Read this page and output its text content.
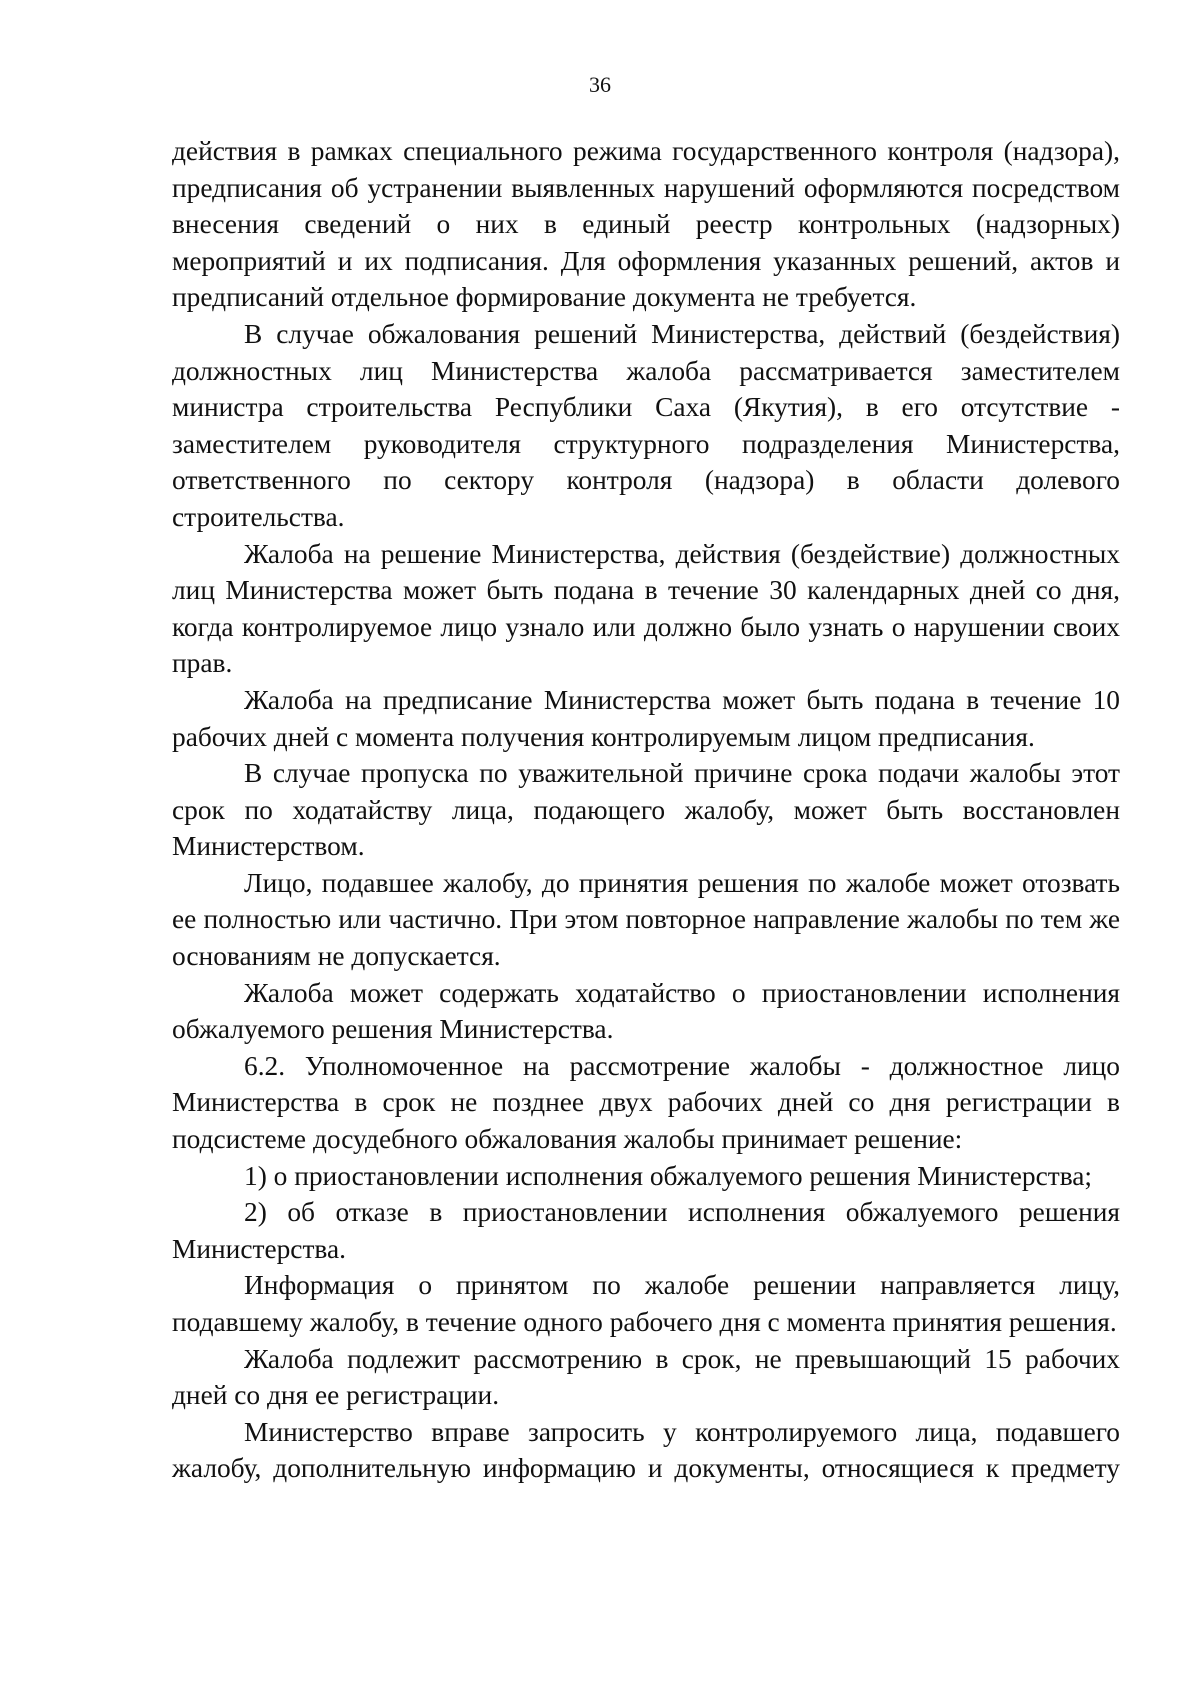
36

действия в рамках специального режима государственного контроля (надзора), предписания об устранении выявленных нарушений оформляются посредством внесения сведений о них в единый реестр контрольных (надзорных) мероприятий и их подписания. Для оформления указанных решений, актов и предписаний отдельное формирование документа не требуется.

В случае обжалования решений Министерства, действий (бездействия) должностных лиц Министерства жалоба рассматривается заместителем министра строительства Республики Саха (Якутия), в его отсутствие - заместителем руководителя структурного подразделения Министерства, ответственного по сектору контроля (надзора) в области долевого строительства.

Жалоба на решение Министерства, действия (бездействие) должностных лиц Министерства может быть подана в течение 30 календарных дней со дня, когда контролируемое лицо узнало или должно было узнать о нарушении своих прав.

Жалоба на предписание Министерства может быть подана в течение 10 рабочих дней с момента получения контролируемым лицом предписания.

В случае пропуска по уважительной причине срока подачи жалобы этот срок по ходатайству лица, подающего жалобу, может быть восстановлен Министерством.

Лицо, подавшее жалобу, до принятия решения по жалобе может отозвать ее полностью или частично. При этом повторное направление жалобы по тем же основаниям не допускается.

Жалоба может содержать ходатайство о приостановлении исполнения обжалуемого решения Министерства.

6.2. Уполномоченное на рассмотрение жалобы - должностное лицо Министерства в срок не позднее двух рабочих дней со дня регистрации в подсистеме досудебного обжалования жалобы принимает решение:

1) о приостановлении исполнения обжалуемого решения Министерства;

2) об отказе в приостановлении исполнения обжалуемого решения Министерства.

Информация о принятом по жалобе решении направляется лицу, подавшему жалобу, в течение одного рабочего дня с момента принятия решения.

Жалоба подлежит рассмотрению в срок, не превышающий 15 рабочих дней со дня ее регистрации.

Министерство вправе запросить у контролируемого лица, подавшего жалобу, дополнительную информацию и документы, относящиеся к предмету
